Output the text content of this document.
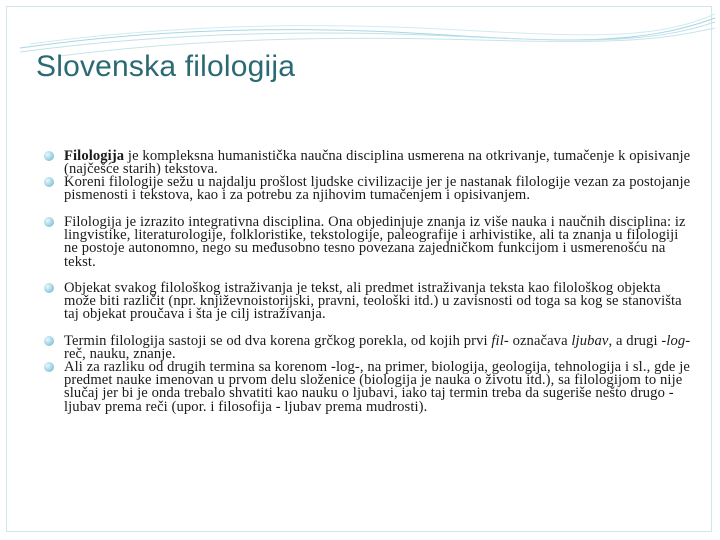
Slovenska filologija
Filologija je kompleksna humanistička naučna disciplina usmerena na otkrivanje, tumačenje k opisivanje (najčešće starih) tekstova.
Koreni filologije sežu u najdalju prošlost ljudske civilizacije jer je nastanak filologije vezan za postojanje pismenosti i tekstova, kao i za potrebu za njihovim tumačenjem i opisivanjem.
Filologija je izrazito integrativna disciplina. Ona objedinjuje znanja iz više nauka i naučnih disciplina: iz lingvistike, literaturologije, folkloristike, tekstologije, paleografije i arhivistike, ali ta znanja u filologiji ne postoje autonomno, nego su međusobno tesno povezana zajedničkom funkcijom i usmerenošću na tekst.
Objekat svakog filološkog istraživanja je tekst, ali predmet istraživanja teksta kao filološkog objekta može biti različit (npr. književnoistorijski, pravni, teološki itd.) u zavisnosti od toga sa kog se stanovišta taj objekat proučava i šta je cilj istraživanja.
Termin filologija sastoji se od dva korena grčkog porekla, od kojih prvi fil- označava ljubav, a drugi -log- reč, nauku, znanje.
Ali za razliku od drugih termina sa korenom -log-, na primer, biologija, geologija, tehnologija i sl., gde je predmet nauke imenovan u prvom delu složenice (biologija je nauka o životu itd.), sa filologijom to nije slučaj jer bi je onda trebalo shvatiti kao nauku o ljubavi, iako taj termin treba da sugeriše nešto drugo - ljubav prema reči (upor. i filosofija - ljubav prema mudrosti).
